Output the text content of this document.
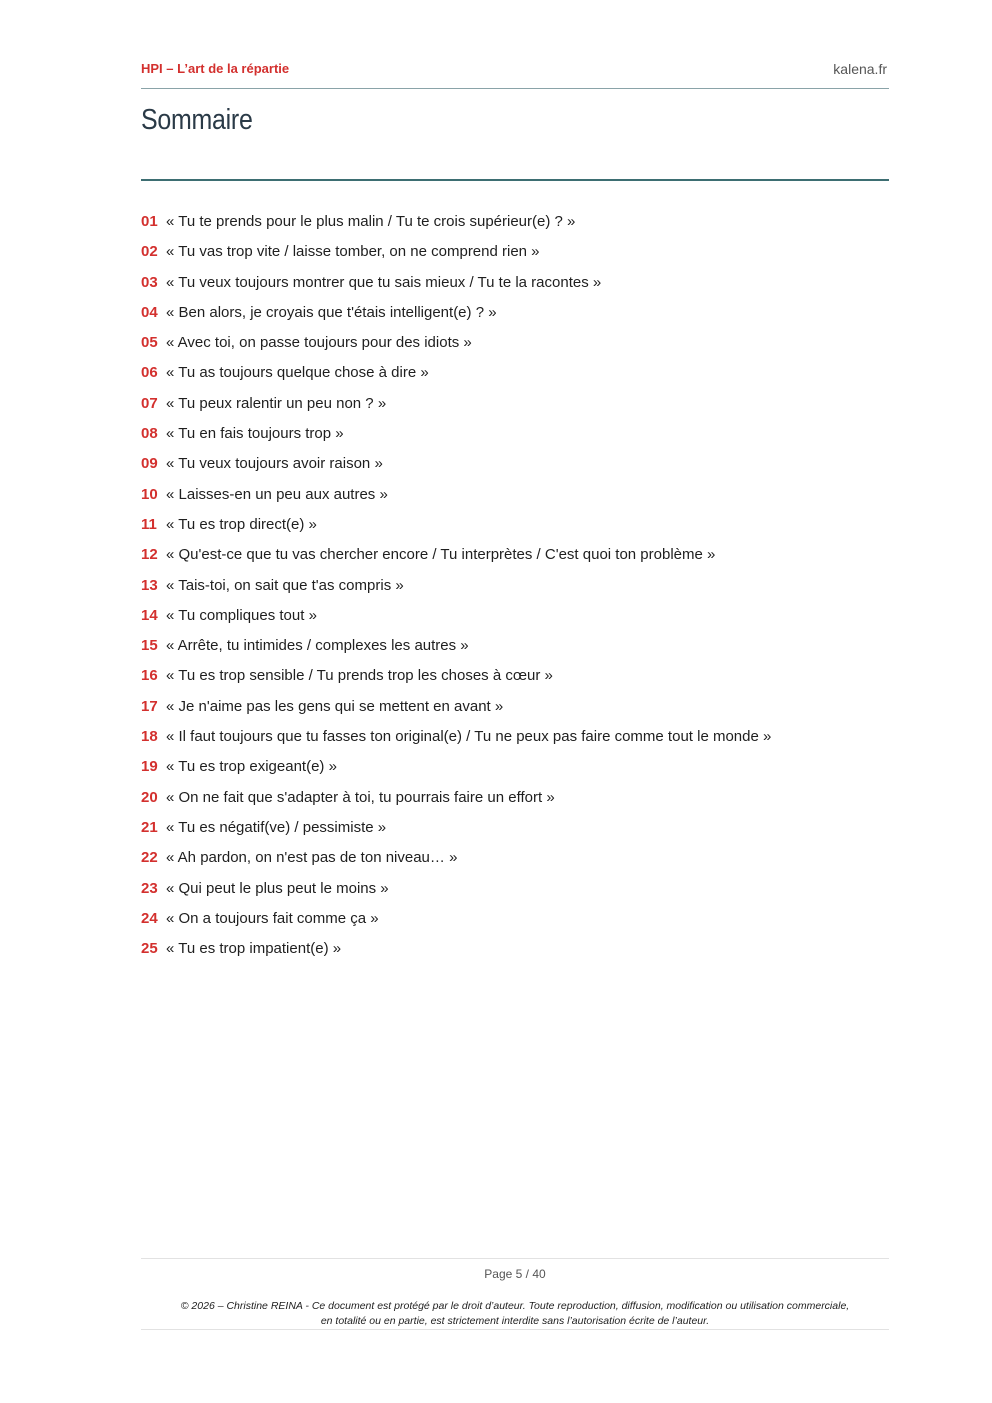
HPI – L’art de la répartie	kalena.fr
Sommaire
01 « Tu te prends pour le plus malin / Tu te crois supérieur(e) ? »
02 « Tu vas trop vite / laisse tomber, on ne comprend rien »
03 « Tu veux toujours montrer que tu sais mieux / Tu te la racontes »
04 « Ben alors, je croyais que t'étais intelligent(e) ? »
05 « Avec toi, on passe toujours pour des idiots »
06 « Tu as toujours quelque chose à dire »
07 « Tu peux ralentir un peu non ? »
08 « Tu en fais toujours trop »
09 « Tu veux toujours avoir raison »
10 « Laisses-en un peu aux autres »
11 « Tu es trop direct(e) »
12 « Qu'est-ce que tu vas chercher encore / Tu interprètes / C'est quoi ton problème »
13 « Tais-toi, on sait que t'as compris »
14 « Tu compliques tout »
15 « Arrête, tu intimides / complexes les autres »
16 « Tu es trop sensible / Tu prends trop les choses à cœur »
17 « Je n'aime pas les gens qui se mettent en avant »
18 « Il faut toujours que tu fasses ton original(e) / Tu ne peux pas faire comme tout le monde »
19 « Tu es trop exigeant(e) »
20 « On ne fait que s'adapter à toi, tu pourrais faire un effort »
21 « Tu es négatif(ve) / pessimiste »
22 « Ah pardon, on n'est pas de ton niveau… »
23 « Qui peut le plus peut le moins »
24 « On a toujours fait comme ça »
25 « Tu es trop impatient(e) »
Page 5 / 40
© 2026 – Christine REINA - Ce document est protégé par le droit d’auteur. Toute reproduction, diffusion, modification ou utilisation commerciale,
en totalité ou en partie, est strictement interdite sans l’autorisation écrite de l’auteur.
